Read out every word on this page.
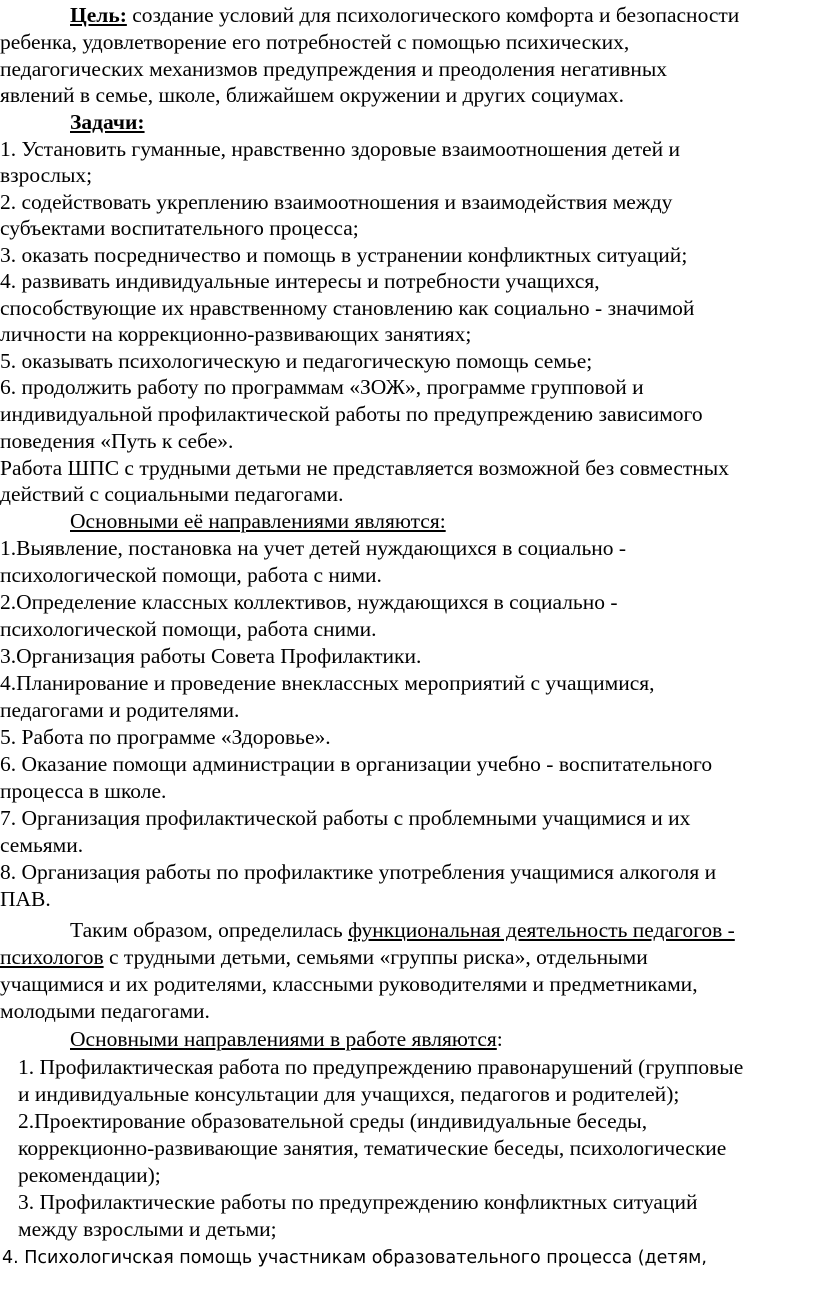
Цель: создание условий для психологического комфорта и безопасности
ребенка, удовлетворение его потребностей с помощью психических,
педагогических механизмов предупреждения и преодоления негативных
явлений в семье, школе, ближайшем окружении и других социумах.
Задачи:
1. Установить гуманные, нравственно здоровые взаимоотношения детей и
взрослых;
2. содействовать укреплению взаимоотношения и взаимодействия между
субъектами воспитательного процесса;
3. оказать посредничество и помощь в устранении конфликтных ситуаций;
4. развивать индивидуальные интересы и потребности учащихся,
способствующие их нравственному становлению как социально - значимой
личности на коррекционно-развивающих занятиях;
5. оказывать психологическую и педагогическую помощь семье;
6. продолжить работу по программам «ЗОЖ», программе групповой и
индивидуальной профилактической работы по предупреждению зависимого
поведения «Путь к себе».
Работа ШПС с трудными детьми не представляется возможной без совместных
действий с социальными педагогами.
Основными её направлениями являются:
1.Выявление, постановка на учет детей нуждающихся в социально -
психологической помощи, работа с ними.
2.Определение классных коллективов, нуждающихся в социально -
психологической помощи, работа сними.
3.Организация работы Совета Профилактики.
4.Планирование и проведение внеклассных мероприятий с учащимися,
педагогами и родителями.
5. Работа по программе «Здоровье».
6. Оказание помощи администрации в организации учебно - воспитательного
процесса в школе.
7. Организация профилактической работы с проблемными учащимися и их
семьями.
8. Организация работы по профилактике употребления учащимися алкоголя и
ПАВ.
Таким образом, определилась функциональная деятельность педагогов -
психологов с трудными детьми, семьями «группы риска», отдельными
учащимися и их родителями, классными руководителями и предметниками,
молодыми педагогами.
Основными направлениями в работе являются:
1. Профилактическая работа по предупреждению правонарушений (групповые
и индивидуальные консультации для учащихся, педагогов и родителей);
2.Проектирование образовательной среды (индивидуальные беседы,
коррекционно-развивающие занятия, тематические беседы, психологические
рекомендации);
3. Профилактические работы по предупреждению конфликтных ситуаций
между взрослыми и детьми;
4. Психологичская помощь участникам образовательного процесса (детям,
